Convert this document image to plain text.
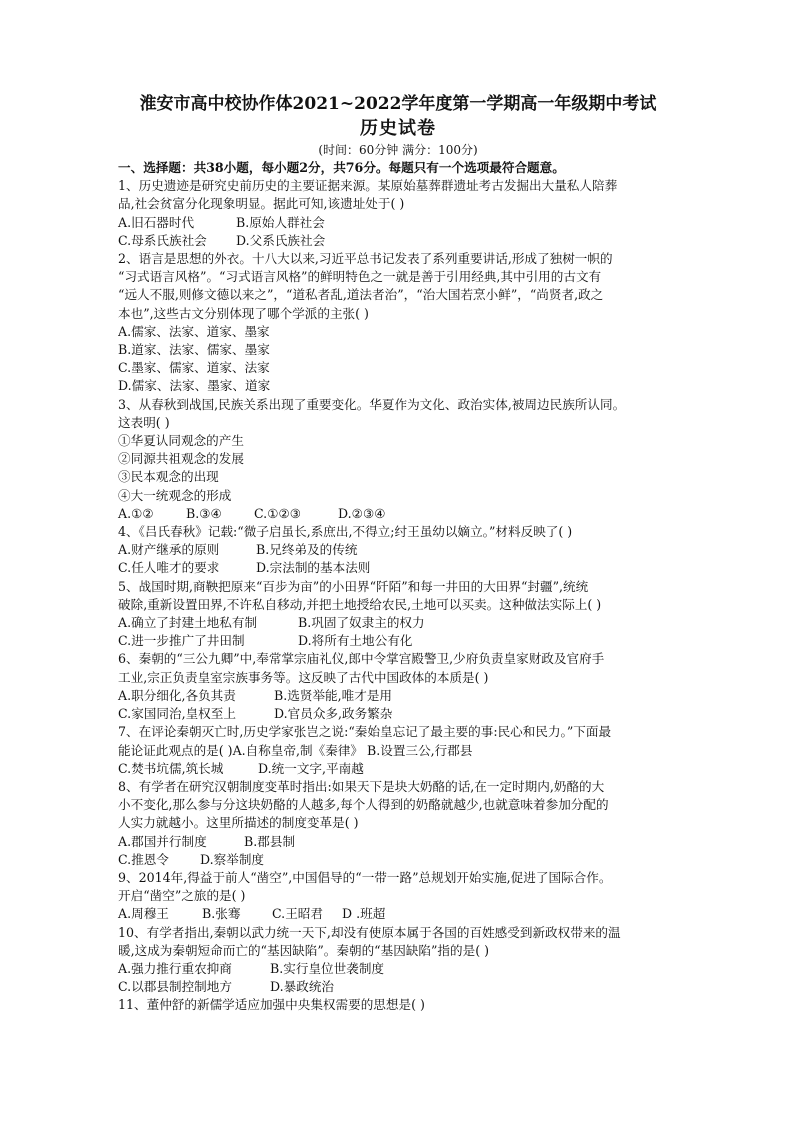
淮安市高中校协作体2021~2022学年度第一学期高一年级期中考试
历史试卷
(时间：60分钟 满分：100分)
一、选择题：共38小题，每小题2分，共76分。每题只有一个选项最符合题意。

1、历史遗迹是研究史前历史的主要证据来源。某原始墓葬群遗址考古发掘出大量私人陪葬

品,社会贫富分化现象明显。据此可知,该遗址处于( )

A.旧石器时代	B.原始人群社会

C.母系氏族社会 D.父系氏族社会

2、语言是思想的外衣。十八大以来,习近平总书记发表了系列重要讲话,形成了独树一帜的

“习式语言风格”。“习式语言风格”的鲜明特色之一就是善于引用经典,其中引用的古文有

“远人不服,则修文德以来之”，“道私者乱,道法者治”，“治大国若烹小鲜”，“尚贤者,政之

本也”,这些古文分别体现了哪个学派的主张( )

A.儒家、法家、道家、墨家

B.道家、法家、儒家、墨家

C.墨家、儒家、道家、法家

D.儒家、法家、墨家、道家

3、从春秋到战国,民族关系出现了重要变化。华夏作为文化、政治实体,被周边民族所认同。

这表明( )

①华夏认同观念的产生

②同源共祖观念的发展

③民本观念的出现

④大一统观念的形成

A.①②	B.③④	C.①②③	D.②③④

4、《吕氏春秋》记载:“微子启虽长,系庶出,不得立;纣王虽幼以嫡立。”材料反映了( )

A.财产继承的原则	B.兄终弟及的传统

C.任人唯才的要求	D.宗法制的基本法则

5、战国时期,商鞅把原来“百步为亩”的小田界“阡陌”和每一井田的大田界“封疆”,统统

破除,重新设置田界,不许私自移动,并把土地授给农民,土地可以买卖。这种做法实际上( )

A.确立了封建土地私有制	B.巩固了奴隶主的权力

C.进一步推广了井田制	D.将所有土地公有化

6、秦朝的“三公九卿”中,奉常掌宗庙礼仪,郎中令掌宫殿警卫,少府负责皇家财政及官府手

工业,宗正负责皇室宗族事务等。这反映了古代中国政体的本质是( )

A.职分细化,各负其责	B.选贤举能,唯才是用

C.家国同治,皇权至上	D.官员众多,政务繁杂

7、在评论秦朝灭亡时,历史学家张岂之说:“秦始皇忘记了最主要的事:民心和民力。”下面最

能论证此观点的是( )A.自称皇帝,制《秦律》 B.设置三公,行郡县

C.焚书坑儒,筑长城	D.统一文字,平南越

8、有学者在研究汉朝制度变革时指出:如果天下是块大奶酪的话,在一定时期内,奶酪的大

小不变化,那么参与分这块奶酪的人越多,每个人得到的奶酪就越少,也就意味着参加分配的

人实力就越小。这里所描述的制度变革是( )

A.郡国并行制度	B.郡县制

C.推恩令 D.察举制度

9、2014年,得益于前人“凿空”,中国倡导的“一带一路”总规划开始实施,促进了国际合作。

开启“凿空”之旅的是( )

A.周穆王	B.张骞	C.王昭君 D .班超

10、有学者指出,秦朝以武力统一天下,却没有使原本属于各国的百姓感受到新政权带来的温

暖,这成为秦朝短命而亡的“基因缺陷”。秦朝的“基因缺陷”指的是( )

A.强力推行重农抑商	B.实行皇位世袭制度

C.以郡县制控制地方	D.暴政统治

11、董仲舒的新儒学适应加强中央集权需要的思想是( )
